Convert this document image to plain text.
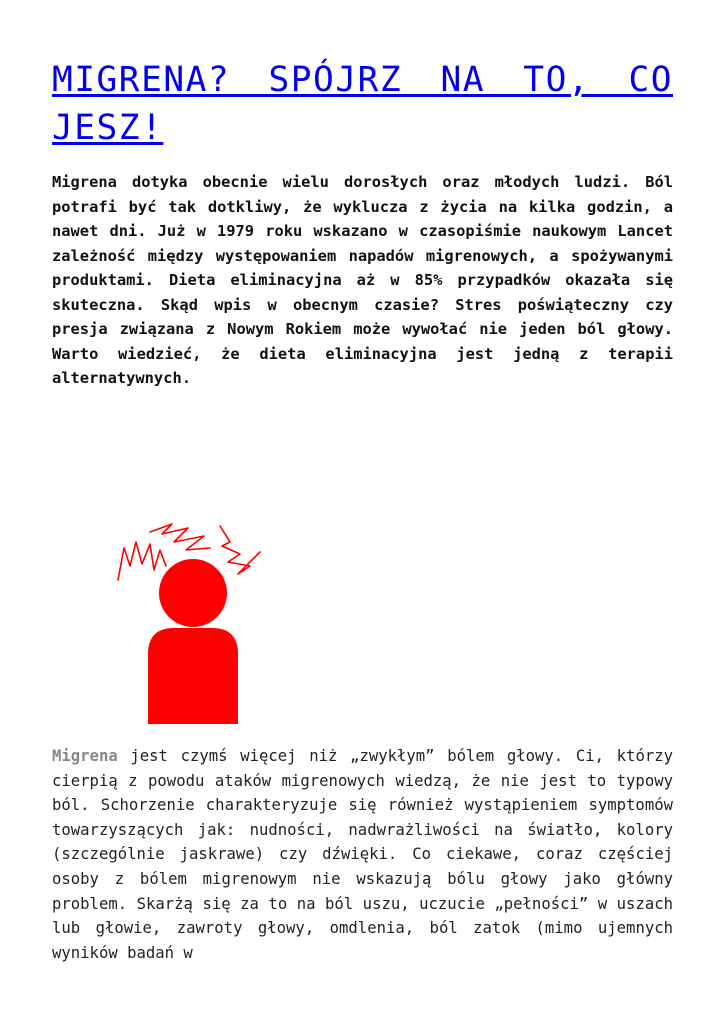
MIGRENA? SPÓJRZ NA TO, CO
JESZ!

Migrena dotyka obecnie wielu dorosłych oraz młodych ludzi. Ból potrafi być tak dotkliwy, że wyklucza z życia na kilka godzin, a nawet dni. Już w 1979 roku wskazano w czasopiśmie naukowym Lancet zależność między występowaniem napadów migrenowych, a spożywanymi produktami. Dieta eliminacyjna aż w 85% przypadków okazała się skuteczna. Skąd wpis w obecnym czasie? Stres poświąteczny czy presja związana z Nowym Rokiem może wywołać nie jeden ból głowy. Warto wiedzieć, że dieta eliminacyjna jest jedną z terapii alternatywnych.

Migrena jest czymś więcej niż „zwykłym” bólem głowy. Ci, którzy cierpią z powodu ataków migrenowych wiedzą, że nie jest to typowy ból. Schorzenie charakteryzuje się również wystąpieniem symptomów towarzyszących jak: nudności, nadwrażliwości na światło, kolory (szczególnie jaskrawe) czy dźwięki. Co ciekawe, coraz częściej osoby z bólem migrenowym nie wskazują bólu głowy jako główny problem. Skarżą się za to na ból uszu, uczucie „pełności” w uszach lub głowie, zawroty głowy, omdlenia, ból zatok (mimo ujemnych wyników badań w
